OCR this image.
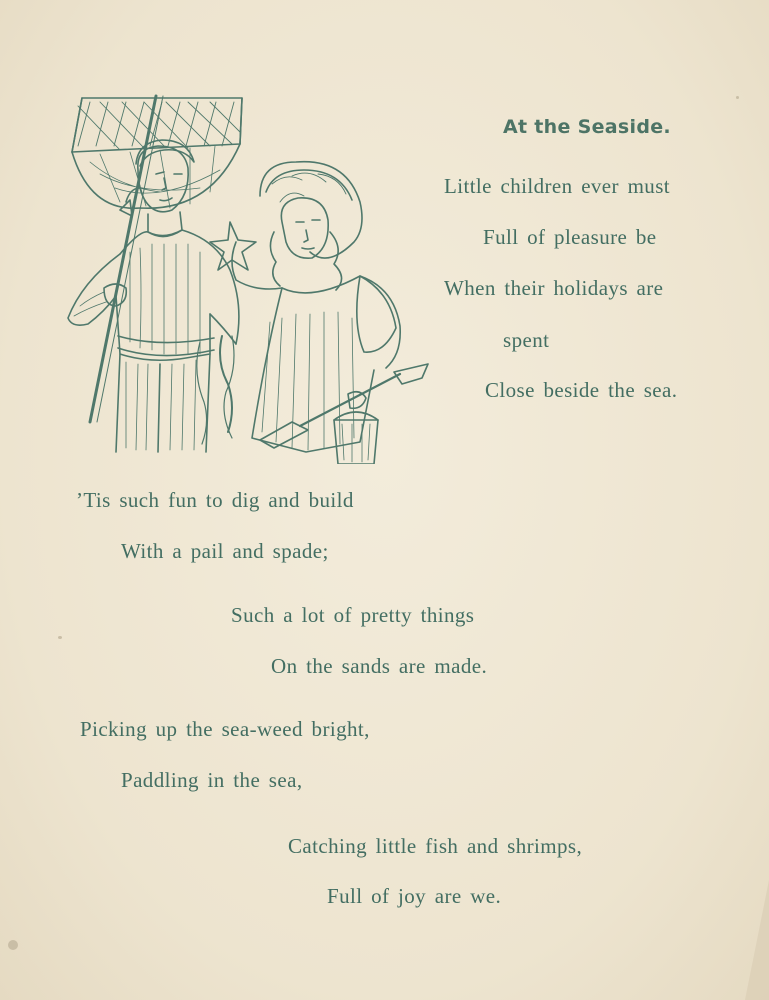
At the Seaside.
Little children ever must
Full of pleasure be
When their holidays are
spent
Close beside the sea.
’Tis such fun to dig and build
With a pail and spade;
Such a lot of pretty things
On the sands are made.
Picking up the sea-weed bright,
Paddling in the sea,
Catching little fish and shrimps,
Full of joy are we.
